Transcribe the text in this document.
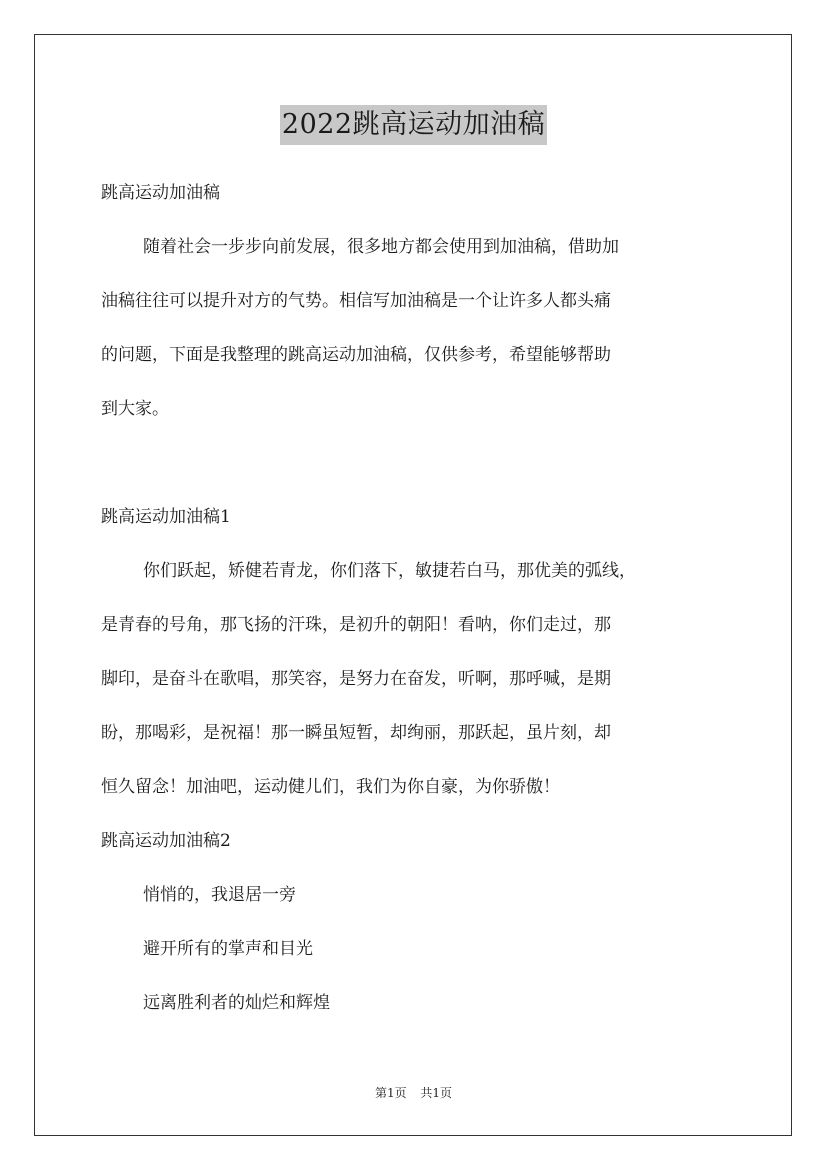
2022跳高运动加油稿

跳高运动加油稿

随着社会一步步向前发展，很多地方都会使用到加油稿，借助加

油稿往往可以提升对方的气势。相信写加油稿是一个让许多人都头痛

的问题，下面是我整理的跳高运动加油稿，仅供参考，希望能够帮助

到大家。

跳高运动加油稿1

你们跃起，矫健若青龙，你们落下，敏捷若白马，那优美的弧线，

是青春的号角，那飞扬的汗珠，是初升的朝阳！看呐，你们走过，那

脚印，是奋斗在歌唱，那笑容，是努力在奋发，听啊，那呼喊，是期

盼，那喝彩，是祝福！那一瞬虽短暂，却绚丽，那跃起，虽片刻，却

恒久留念！加油吧，运动健儿们，我们为你自豪，为你骄傲！

跳高运动加油稿2

悄悄的，我退居一旁

避开所有的掌声和目光

远离胜利者的灿烂和辉煌

第1页 共1页
